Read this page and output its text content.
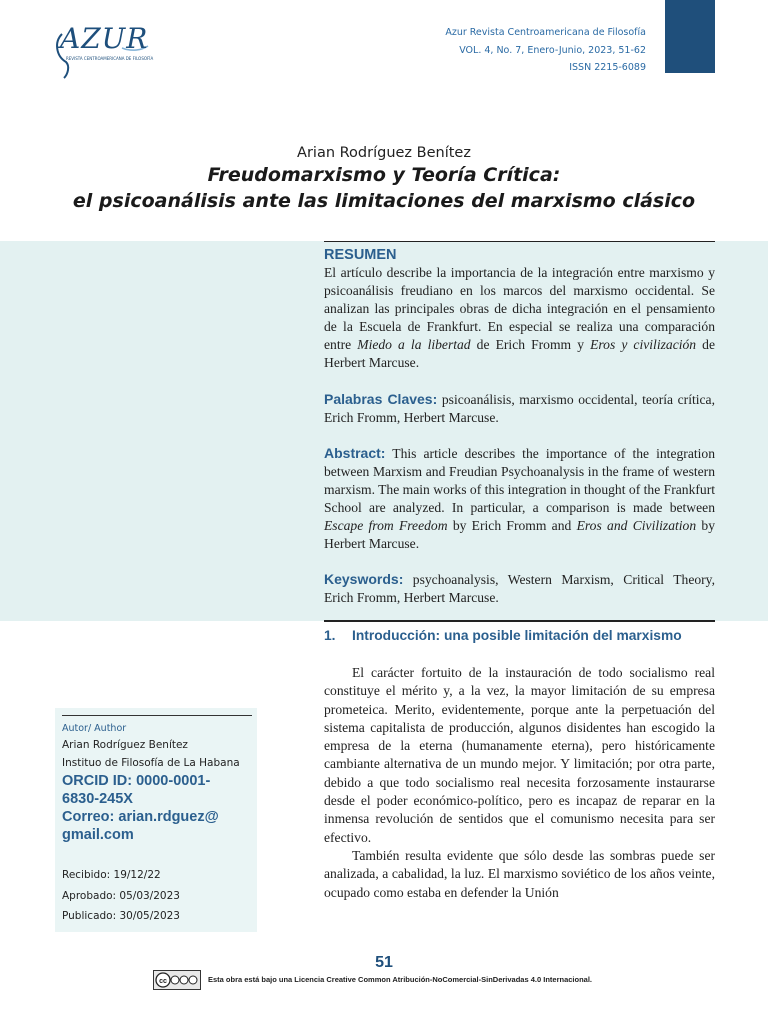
AZUR
REVISTA CENTROAMERICANA DE FILOSOFÍA
Azur Revista Centroamericana de Filosofía
VOL. 4, No. 7, Enero-Junio, 2023, 51-62
ISSN 2215-6089
Arian Rodríguez Benítez
Freudomarxismo y Teoría Crítica:
el psicoanálisis ante las limitaciones del marxismo clásico

RESUMEN
El artículo describe la importancia de la integración entre marxismo y psicoanálisis freudiano en los marcos del marxismo occidental. Se analizan las principales obras de dicha integración en el pensamiento de la Escuela de Frankfurt. En especial se realiza una comparación entre Miedo a la libertad de Erich Fromm y Eros y civilización de Herbert Marcuse.

Palabras Claves: psicoanálisis, marxismo occidental, teoría crítica, Erich Fromm, Herbert Marcuse.

Abstract: This article describes the importance of the integration between Marxism and Freudian Psychoanalysis in the frame of western marxism. The main works of this integration in thought of the Frankfurt School are analyzed. In particular, a comparison is made between Escape from Freedom by Erich Fromm and Eros and Civilization by Herbert Marcuse.

Keyswords: psychoanalysis, Western Marxism, Critical Theory, Erich Fromm, Herbert Marcuse.

1. Introducción: una posible limitación del marxismo

El carácter fortuito de la instauración de todo socialismo real constituye el mérito y, a la vez, la mayor limitación de su empresa prometeica. Merito, evidentemente, porque ante la perpetuación del sistema capitalista de producción, algunos disidentes han escogido la empresa de la eterna (humanamente eterna), pero históricamente cambiante alternativa de un mundo mejor. Y limitación; por otra parte, debido a que todo socialismo real necesita forzosamente instaurarse desde el poder económico-político, pero es incapaz de reparar en la inmensa revolución de sentidos que el comunismo necesita para ser efectivo.

También resulta evidente que sólo desde las sombras puede ser analizada, a cabalidad, la luz. El marxismo soviético de los años veinte, ocupado como estaba en defender la Unión

Autor/ Author
Arian Rodríguez Benítez
Instituo de Filosofía de La Habana
ORCID ID: 0000-0001-
6830-245X
Correo: arian.rdguez@
gmail.com
Recibido: 19/12/22
Aprobado: 05/03/2023
Publicado: 30/05/2023
51
cc	Esta obra está bajo una Licencia Creative Common Atribución-NoComercial-SinDerivadas 4.0 Internacional.
